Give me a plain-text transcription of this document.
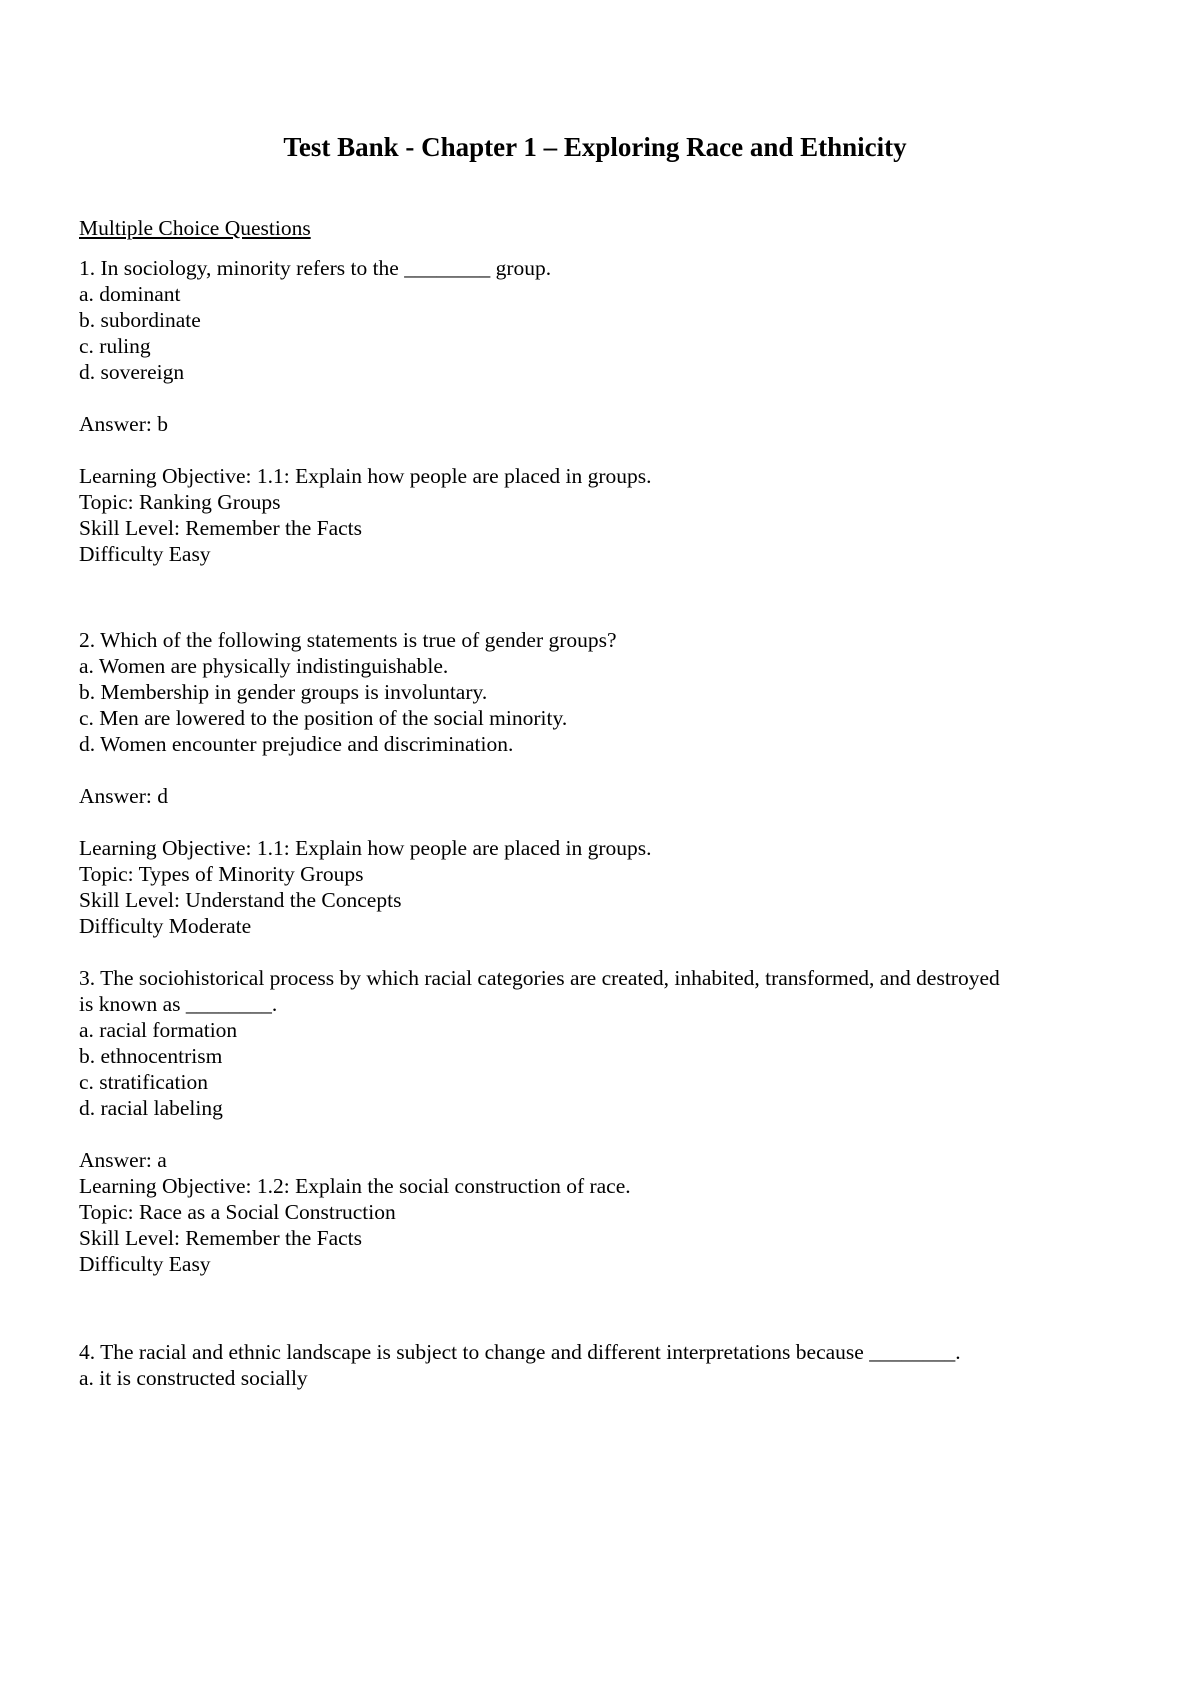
Test Bank - Chapter 1 – Exploring Race and Ethnicity
Multiple Choice Questions
1. In sociology, minority refers to the ________ group.
a. dominant
b. subordinate
c. ruling
d. sovereign
Answer: b
Learning Objective: 1.1: Explain how people are placed in groups.
Topic: Ranking Groups
Skill Level: Remember the Facts
Difficulty Easy
2. Which of the following statements is true of gender groups?
a. Women are physically indistinguishable.
b. Membership in gender groups is involuntary.
c. Men are lowered to the position of the social minority.
d. Women encounter prejudice and discrimination.
Answer: d
Learning Objective: 1.1: Explain how people are placed in groups.
Topic: Types of Minority Groups
Skill Level: Understand the Concepts
Difficulty Moderate
3. The sociohistorical process by which racial categories are created, inhabited, transformed, and destroyed
is known as ________.
a. racial formation
b. ethnocentrism
c. stratification
d. racial labeling
Answer: a
Learning Objective: 1.2: Explain the social construction of race.
Topic: Race as a Social Construction
Skill Level: Remember the Facts
Difficulty Easy
4. The racial and ethnic landscape is subject to change and different interpretations because ________.
a. it is constructed socially
